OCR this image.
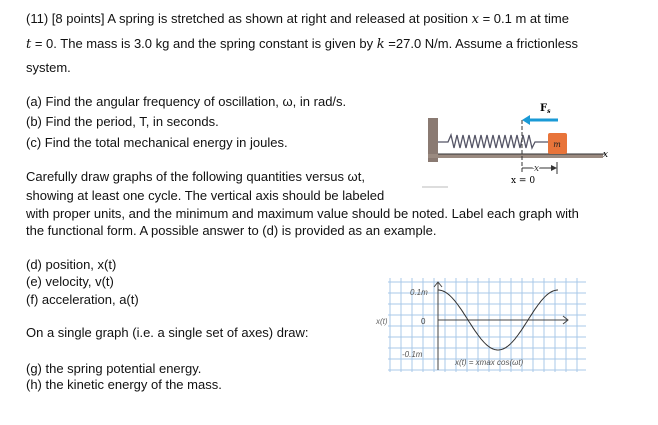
(11) [8 points] A spring is stretched as shown at right and released at position x = 0.1 m at time
t = 0. The mass is 3.0 kg and the spring constant is given by k =27.0 N/m. Assume a frictionless
system.
(a) Find the angular frequency of oscillation, ω, in rad/s.
(b) Find the period, T, in seconds.
(c) Find the total mechanical energy in joules.
Carefully draw graphs of the following quantities versus ωt,
showing at least one cycle. The vertical axis should be labeled
with proper units, and the minimum and maximum value should be noted. Label each graph with
the functional form. A possible answer to (d) is provided as an example.
(d) position, x(t)
(e) velocity, v(t)
(f) acceleration, a(t)
On a single graph (i.e. a single set of axes) draw:
(g) the spring potential energy.
(h) the kinetic energy of the mass.
m
$F_s$
x
x
x = 0
0.1m
-0.1m
x(t)	0
x(t) = xmax cos(ωt)
